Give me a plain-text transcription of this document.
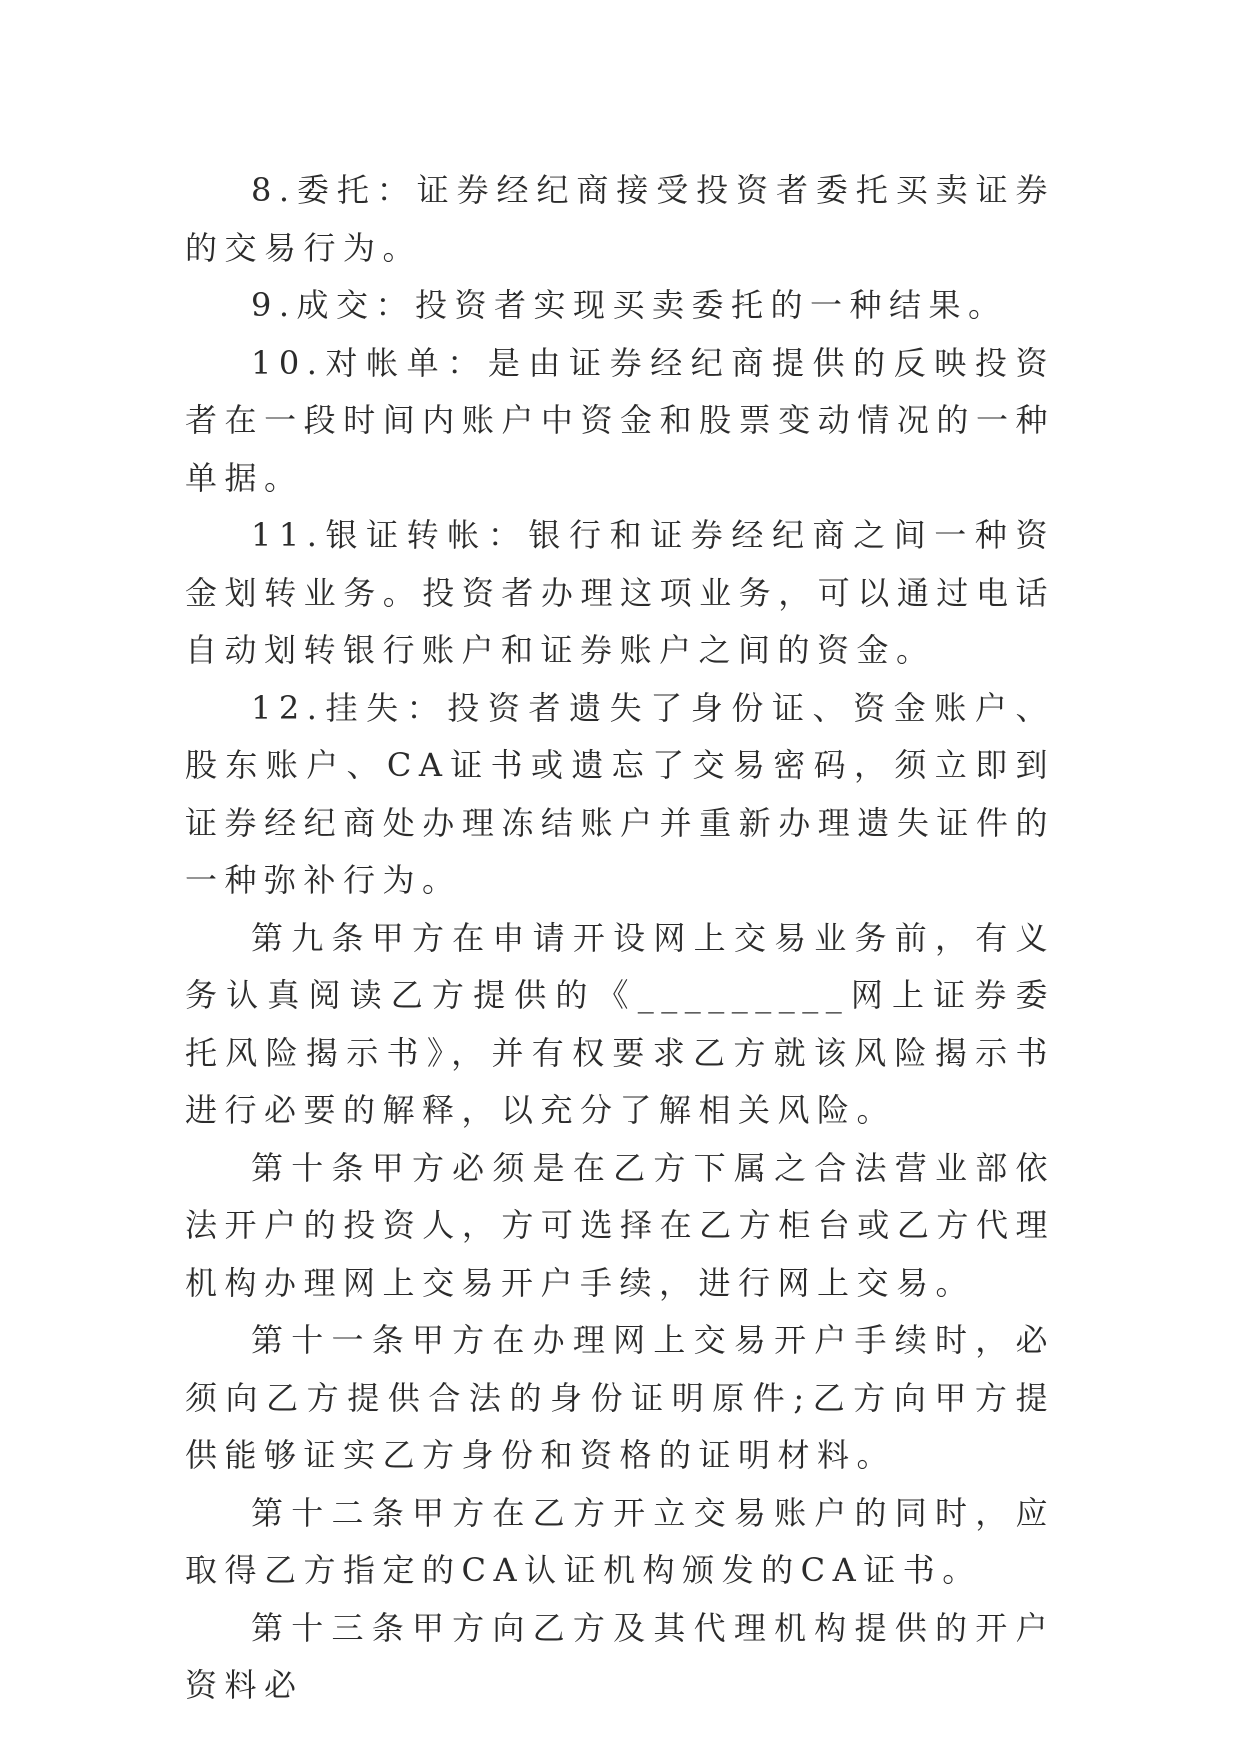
8.委托：证券经纪商接受投资者委托买卖证券的交易行为。

9.成交：投资者实现买卖委托的一种结果。

10.对帐单：是由证券经纪商提供的反映投资者在一段时间内账户中资金和股票变动情况的一种单据。

11.银证转帐：银行和证券经纪商之间一种资金划转业务。投资者办理这项业务，可以通过电话自动划转银行账户和证券账户之间的资金。

12.挂失：投资者遗失了身份证、资金账户、股东账户、CA证书或遗忘了交易密码，须立即到证券经纪商处办理冻结账户并重新办理遗失证件的一种弥补行为。

第九条甲方在申请开设网上交易业务前，有义务认真阅读乙方提供的《_________网上证券委托风险揭示书》，并有权要求乙方就该风险揭示书进行必要的解释，以充分了解相关风险。

第十条甲方必须是在乙方下属之合法营业部依法开户的投资人，方可选择在乙方柜台或乙方代理机构办理网上交易开户手续，进行网上交易。

第十一条甲方在办理网上交易开户手续时，必须向乙方提供合法的身份证明原件;乙方向甲方提供能够证实乙方身份和资格的证明材料。

第十二条甲方在乙方开立交易账户的同时，应取得乙方指定的CA认证机构颁发的CA证书。

第十三条甲方向乙方及其代理机构提供的开户资料必
